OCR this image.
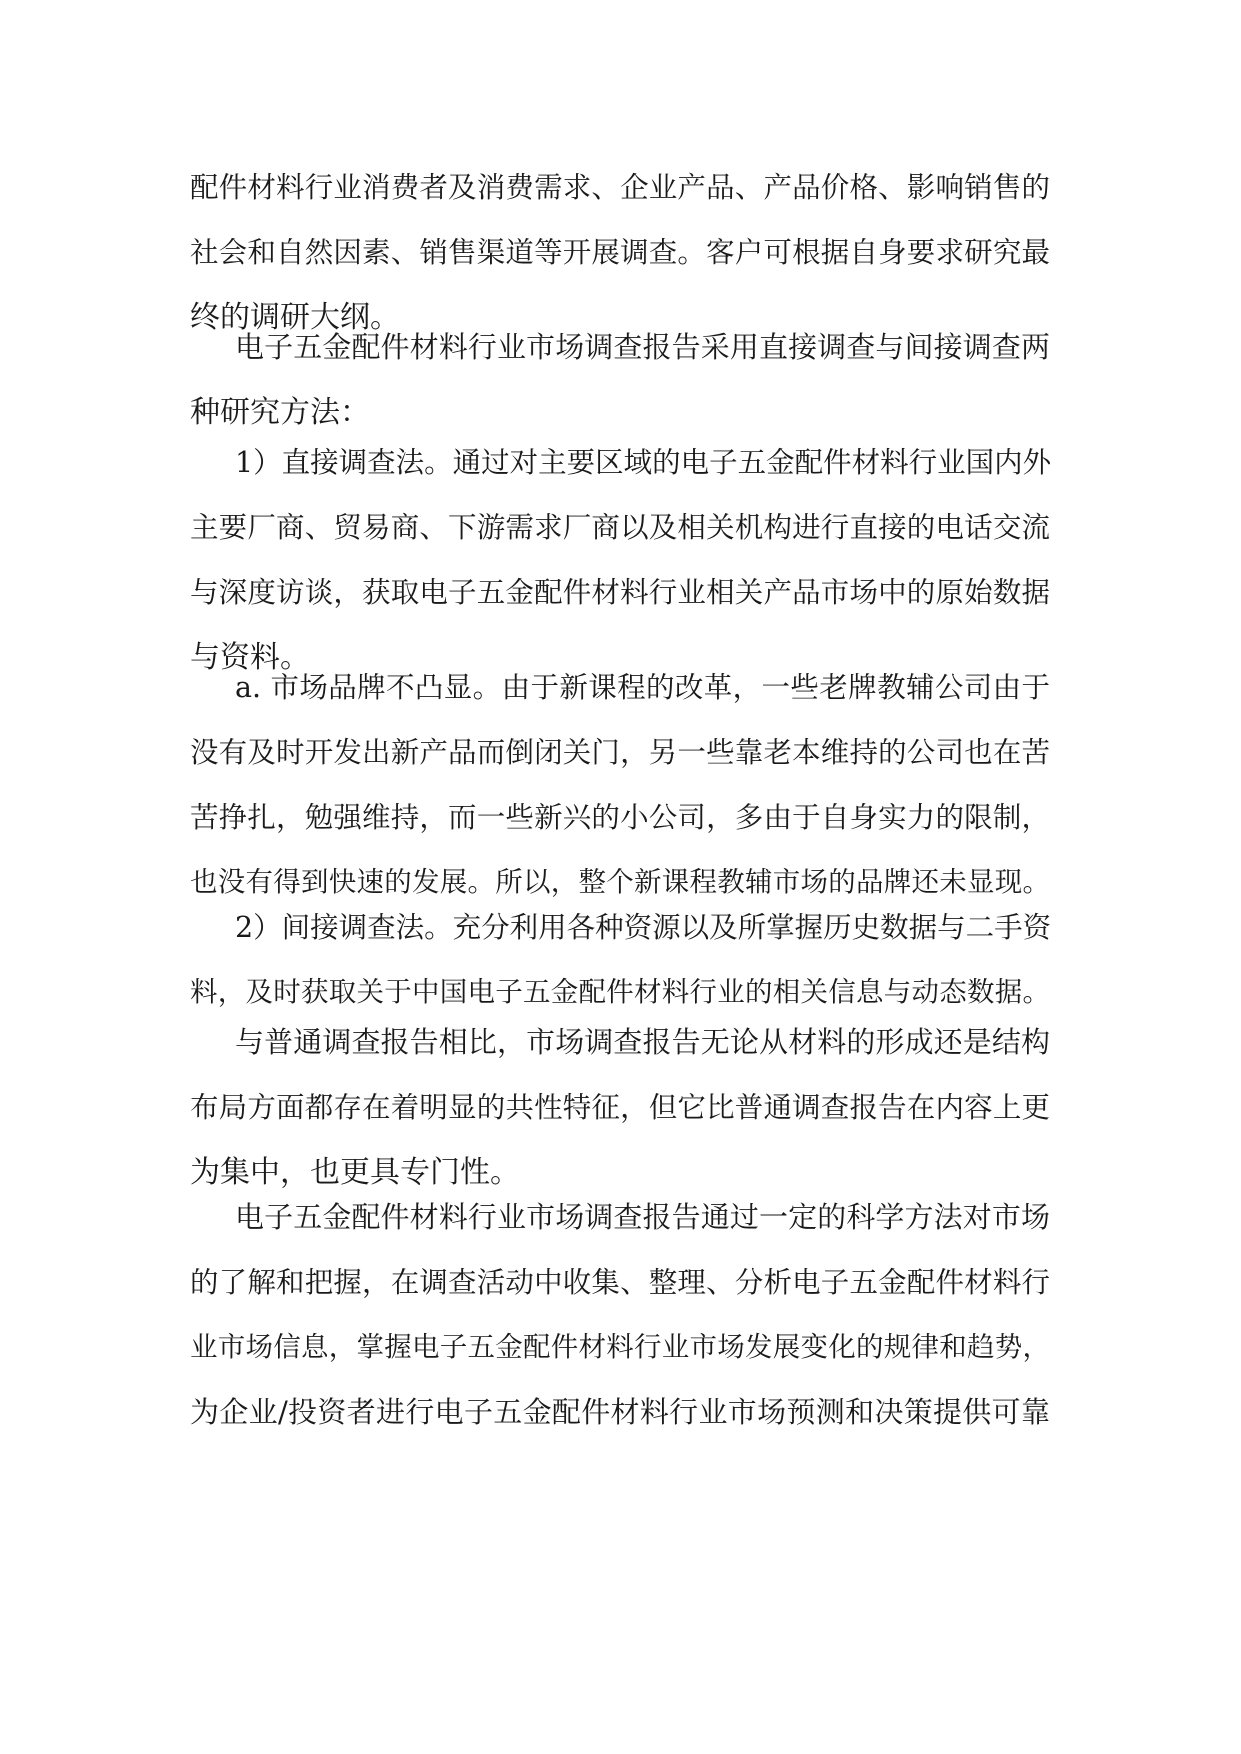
配件材料行业消费者及消费需求、企业产品、产品价格、影响销售的
社会和自然因素、销售渠道等开展调查。客户可根据自身要求研究最
终的调研大纲。
电子五金配件材料行业市场调查报告采用直接调查与间接调查两
种研究方法：
1）直接调查法。通过对主要区域的电子五金配件材料行业国内外
主要厂商、贸易商、下游需求厂商以及相关机构进行直接的电话交流
与深度访谈，获取电子五金配件材料行业相关产品市场中的原始数据
与资料。
a. 市场品牌不凸显。由于新课程的改革，一些老牌教辅公司由于
没有及时开发出新产品而倒闭关门，另一些靠老本维持的公司也在苦
苦挣扎，勉强维持，而一些新兴的小公司，多由于自身实力的限制，
也没有得到快速的发展。所以，整个新课程教辅市场的品牌还未显现。
2）间接调查法。充分利用各种资源以及所掌握历史数据与二手资
料，及时获取关于中国电子五金配件材料行业的相关信息与动态数据。
与普通调查报告相比，市场调查报告无论从材料的形成还是结构
布局方面都存在着明显的共性特征，但它比普通调查报告在内容上更
为集中，也更具专门性。
电子五金配件材料行业市场调查报告通过一定的科学方法对市场
的了解和把握，在调查活动中收集、整理、分析电子五金配件材料行
业市场信息，掌握电子五金配件材料行业市场发展变化的规律和趋势，
为企业/投资者进行电子五金配件材料行业市场预测和决策提供可靠
